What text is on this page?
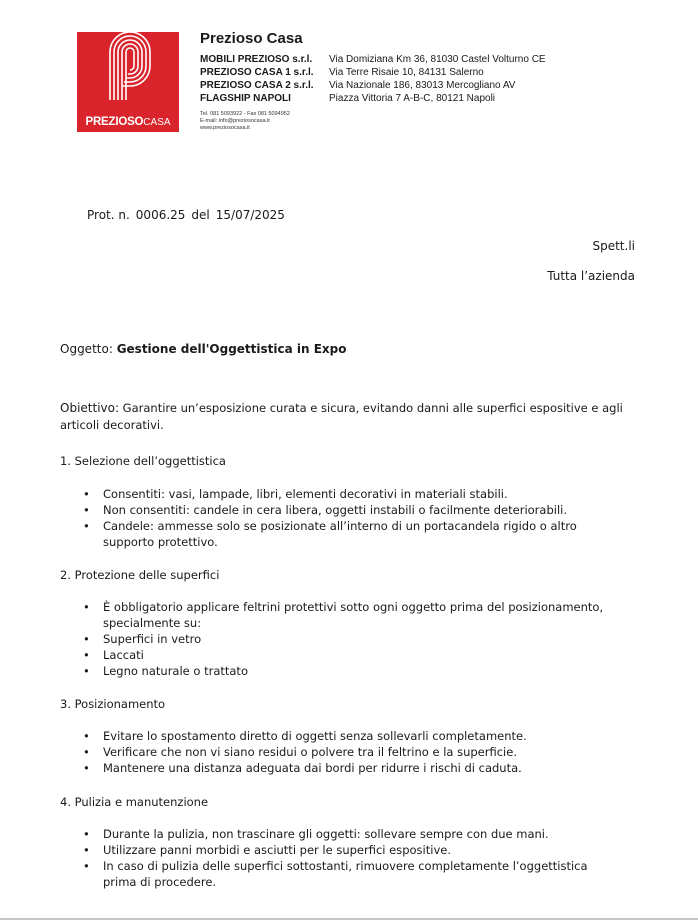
PREZIOSOCASA
Prezioso Casa
MOBILI PREZIOSO s.r.l.	Via Domiziana Km 36, 81030 Castel Volturno CE
PREZIOSO CASA 1 s.r.l.	Via Terre Risaie 10, 84131 Salerno
PREZIOSO CASA 2 s.r.l.	Via Nazionale 186, 83013 Mercogliano AV
FLAGSHIP NAPOLI	Piazza Vittoria 7 A-B-C, 80121 Napoli
Tel. 081 5093922 - Fax 081 5094952
E-mail: info@preziosocasa.it
www.preziosocasa.it
Prot. n. 0006.25 del 15/07/2025
Spett.li
Tutta l’azienda
Oggetto: Gestione dell'Oggettistica in Expo
Obiettivo: Garantire un’esposizione curata e sicura, evitando danni alle superfici espositive e agli articoli decorativi.
1. Selezione dell’oggettistica
• Consentiti: vasi, lampade, libri, elementi decorativi in materiali stabili.
• Non consentiti: candele in cera libera, oggetti instabili o facilmente deteriorabili.
• Candele: ammesse solo se posizionate all’interno di un portacandela rigido o altro supporto protettivo.
2. Protezione delle superfici
• È obbligatorio applicare feltrini protettivi sotto ogni oggetto prima del posizionamento, specialmente su:
• Superfici in vetro
• Laccati
• Legno naturale o trattato
3. Posizionamento
• Evitare lo spostamento diretto di oggetti senza sollevarli completamente.
• Verificare che non vi siano residui o polvere tra il feltrino e la superficie.
• Mantenere una distanza adeguata dai bordi per ridurre i rischi di caduta.
4. Pulizia e manutenzione
• Durante la pulizia, non trascinare gli oggetti: sollevare sempre con due mani.
• Utilizzare panni morbidi e asciutti per le superfici espositive.
• In caso di pulizia delle superfici sottostanti, rimuovere completamente l’oggettistica prima di procedere.
